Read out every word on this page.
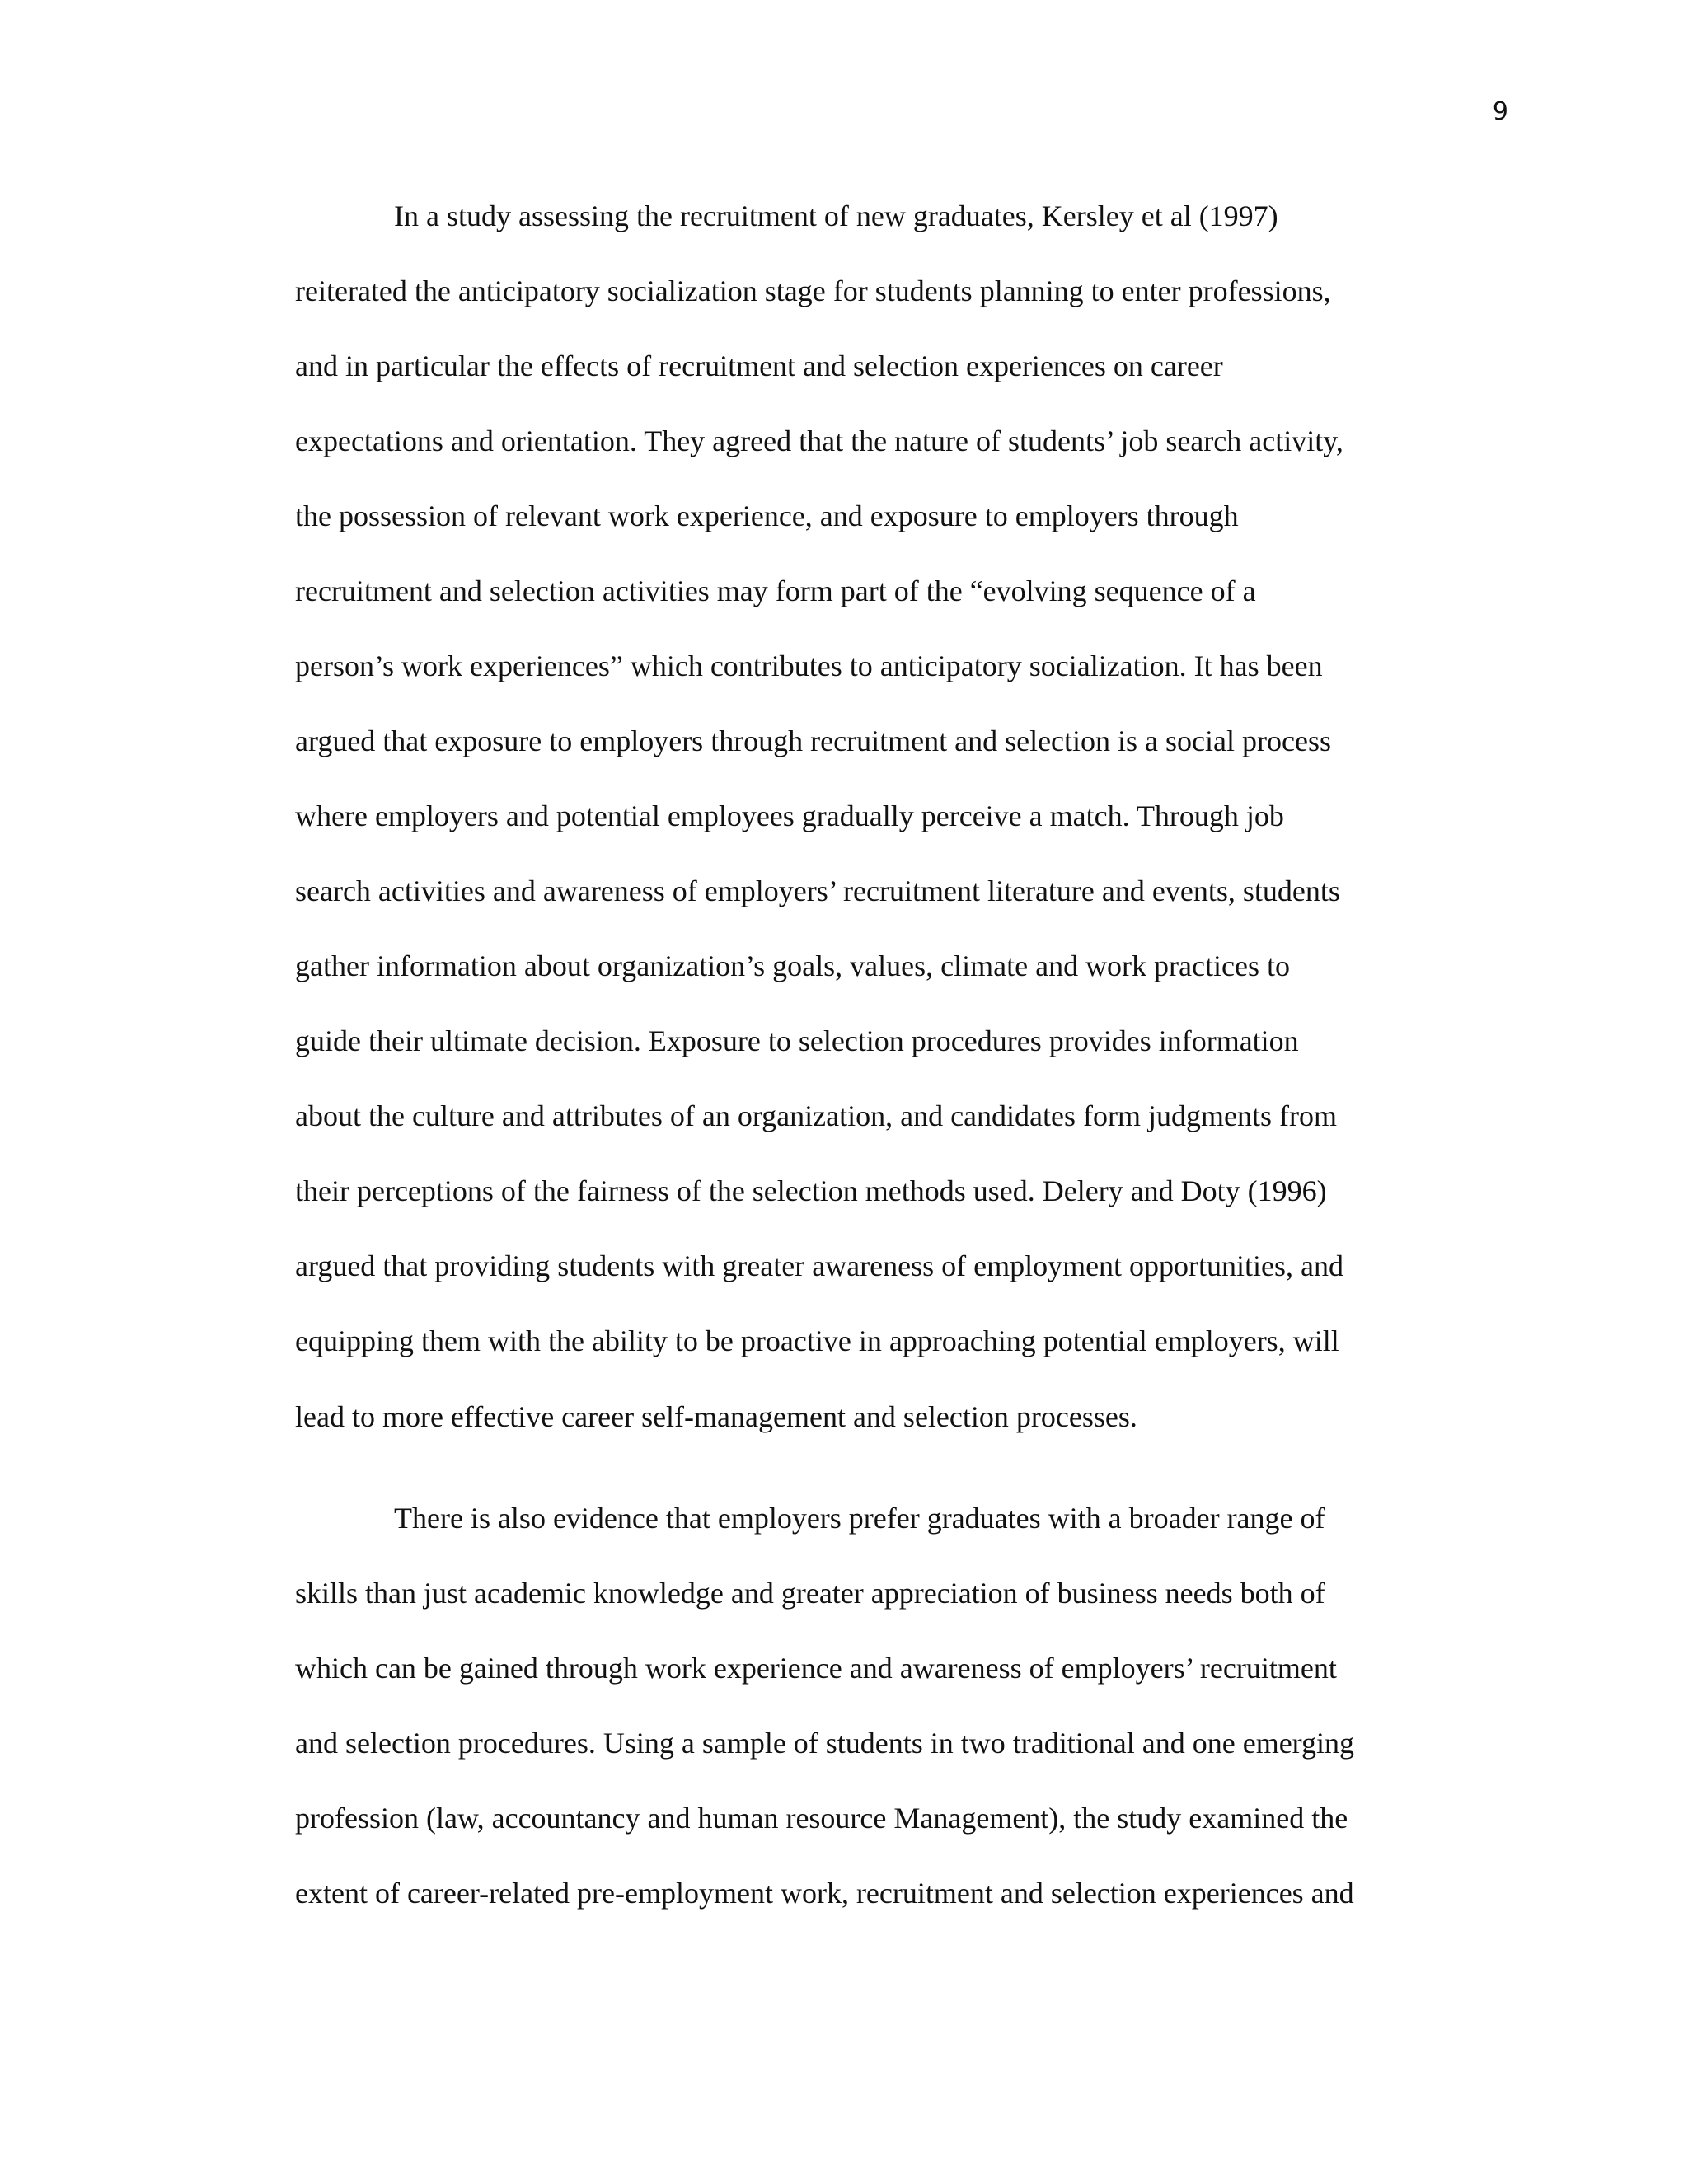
9
In a study assessing the recruitment of new graduates, Kersley et al (1997)
reiterated the anticipatory socialization stage for students planning to enter professions,
and in particular the effects of recruitment and selection experiences on career
expectations and orientation. They agreed that the nature of students’ job search activity,
the possession of relevant work experience, and exposure to employers through
recruitment and selection activities may form part of the “evolving sequence of a
person’s work experiences” which contributes to anticipatory socialization. It has been
argued that exposure to employers through recruitment and selection is a social process
where employers and potential employees gradually perceive a match. Through job
search activities and awareness of employers’ recruitment literature and events, students
gather information about organization’s goals, values, climate and work practices to
guide their ultimate decision. Exposure to selection procedures provides information
about the culture and attributes of an organization, and candidates form judgments from
their perceptions of the fairness of the selection methods used. Delery and Doty (1996)
argued that providing students with greater awareness of employment opportunities, and
equipping them with the ability to be proactive in approaching potential employers, will
lead to more effective career self-management and selection processes.
There is also evidence that employers prefer graduates with a broader range of
skills than just academic knowledge and greater appreciation of business needs both of
which can be gained through work experience and awareness of employers’ recruitment
and selection procedures. Using a sample of students in two traditional and one emerging
profession (law, accountancy and human resource Management), the study examined the
extent of career-related pre-employment work, recruitment and selection experiences and
